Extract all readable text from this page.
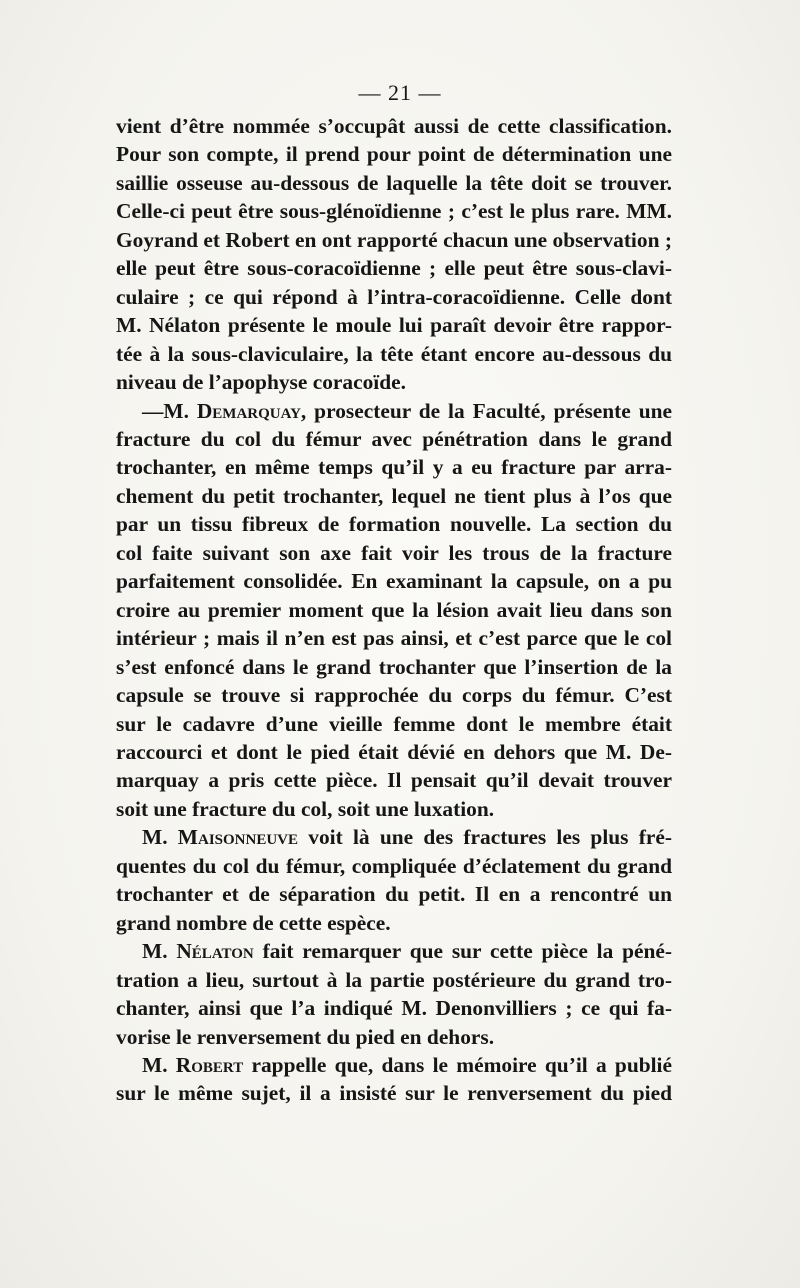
— 21 —
vient d’être nommée s’occupât aussi de cette classification.
Pour son compte, il prend pour point de détermination une
saillie osseuse au-dessous de laquelle la tête doit se trouver.
Celle-ci peut être sous-glénoïdienne ; c’est le plus rare. MM.
Goyrand et Robert en ont rapporté chacun une observation ;
elle peut être sous-coracoïdienne ; elle peut être sous-clavi-
culaire ; ce qui répond à l’intra-coracoïdienne. Celle dont
M. Nélaton présente le moule lui paraît devoir être rappor-
tée à la sous-claviculaire, la tête étant encore au-dessous du
niveau de l’apophyse coracoïde.
—M. Demarquay, prosecteur de la Faculté, présente une
fracture du col du fémur avec pénétration dans le grand
trochanter, en même temps qu’il y a eu fracture par arra-
chement du petit trochanter, lequel ne tient plus à l’os que
par un tissu fibreux de formation nouvelle. La section du
col faite suivant son axe fait voir les trous de la fracture
parfaitement consolidée. En examinant la capsule, on a pu
croire au premier moment que la lésion avait lieu dans son
intérieur ; mais il n’en est pas ainsi, et c’est parce que le col
s’est enfoncé dans le grand trochanter que l’insertion de la
capsule se trouve si rapprochée du corps du fémur. C’est
sur le cadavre d’une vieille femme dont le membre était
raccourci et dont le pied était dévié en dehors que M. De-
marquay a pris cette pièce. Il pensait qu’il devait trouver
soit une fracture du col, soit une luxation.
M. Maisonneuve voit là une des fractures les plus fré-
quentes du col du fémur, compliquée d’éclatement du grand
trochanter et de séparation du petit. Il en a rencontré un
grand nombre de cette espèce.
M. Nélaton fait remarquer que sur cette pièce la péné-
tration a lieu, surtout à la partie postérieure du grand tro-
chanter, ainsi que l’a indiqué M. Denonvilliers ; ce qui fa-
vorise le renversement du pied en dehors.
M. Robert rappelle que, dans le mémoire qu’il a publié
sur le même sujet, il a insisté sur le renversement du pied
